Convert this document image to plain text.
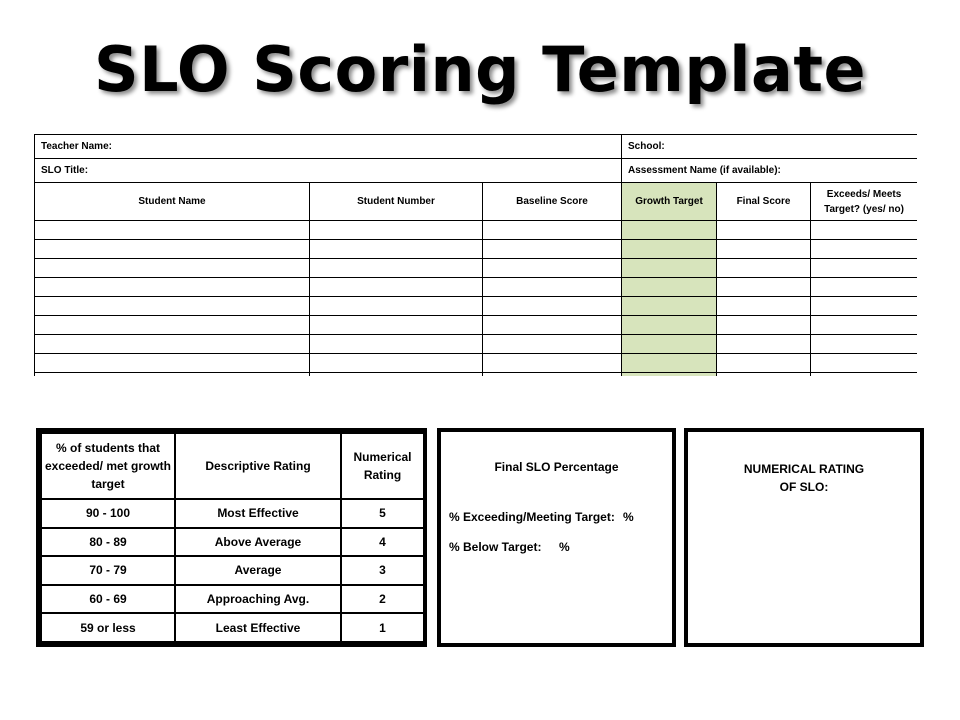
SLO Scoring Template
Teacher Name:			School:		
SLO Title:			Assessment Name (if available):		
Student Name	Student Number	Baseline Score	Growth Target	Final Score	Exceeds/ Meets Target? (yes/ no)

% of students that exceeded/ met growth target	Descriptive Rating	Numerical Rating
90 - 100	Most Effective	5
80 - 89	Above Average	4
70 - 79	Average	3
60 - 69	Approaching Avg.	2
59 or less	Least Effective	1
Final SLO Percentage
% Exceeding/Meeting Target: %
% Below Target: %
NUMERICAL RATING
OF SLO:
